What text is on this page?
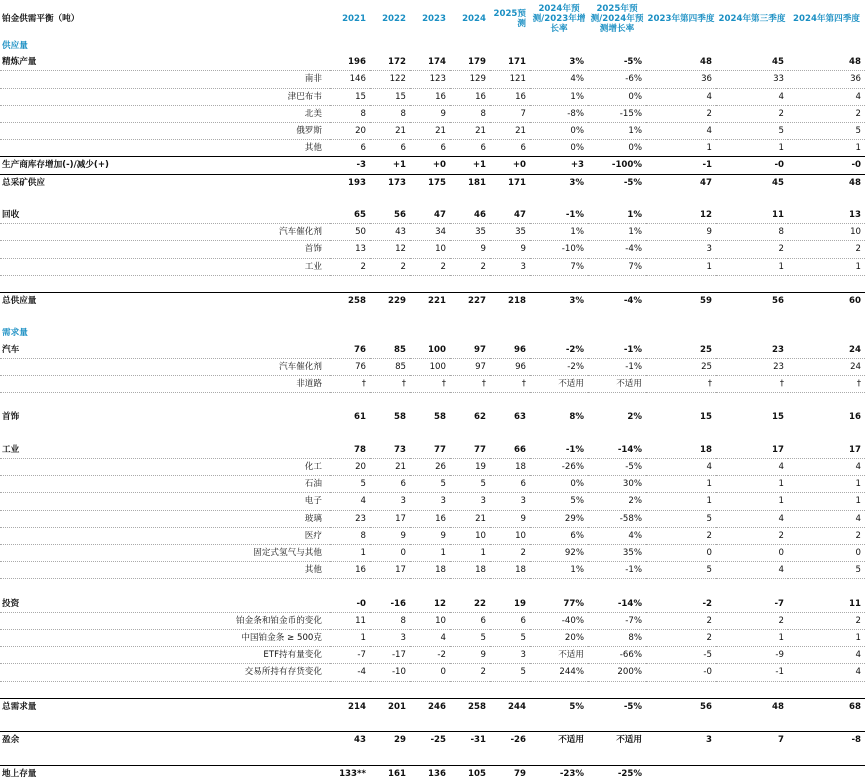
铂金供需平衡（吨）	2021	2022	2023	2024	2025预测	2024年预测/2023年增长率	2025年预测/2024年预测增长率	2023年第四季度	2024年第三季度	2024年第四季度
供应量										
精炼产量	196	172	174	179	171	3%	-5%	48	45	48
南非	146	122	123	129	121	4%	-6%	36	33	36
津巴布韦	15	15	16	16	16	1%	0%	4	4	4
北美	8	8	9	8	7	-8%	-15%	2	2	2
俄罗斯	20	21	21	21	21	0%	1%	4	5	5
其他	6	6	6	6	6	0%	0%	1	1	1
生产商库存增加(-)/减少(+)	-3	+1	+0	+1	+0	+3	-100%	-1	-0	-0
总采矿供应	193	173	175	181	171	3%	-5%	47	45	48

回收	65	56	47	46	47	-1%	1%	12	11	13
汽车催化剂	50	43	34	35	35	1%	1%	9	8	10
首饰	13	12	10	9	9	-10%	-4%	3	2	2
工业	2	2	2	2	3	7%	7%	1	1	1

总供应量	258	229	221	227	218	3%	-4%	59	56	60

需求量										
汽车	76	85	100	97	96	-2%	-1%	25	23	24
汽车催化剂	76	85	100	97	96	-2%	-1%	25	23	24
非道路	†	†	†	†	†	不适用	不适用	†	†	†

首饰	61	58	58	62	63	8%	2%	15	15	16

工业	78	73	77	77	66	-1%	-14%	18	17	17
化工	20	21	26	19	18	-26%	-5%	4	4	4
石油	5	6	5	5	6	0%	30%	1	1	1
电子	4	3	3	3	3	5%	2%	1	1	1
玻璃	23	17	16	21	9	29%	-58%	5	4	4
医疗	8	9	9	10	10	6%	4%	2	2	2
固定式氢气与其他	1	0	1	1	2	92%	35%	0	0	0
其他	16	17	18	18	18	1%	-1%	5	4	5

投资	-0	-16	12	22	19	77%	-14%	-2	-7	11
铂金条和铂金币的变化	11	8	10	6	6	-40%	-7%	2	2	2
中国铂金条 ≥ 500克	1	3	4	5	5	20%	8%	2	1	1
ETF持有量变化	-7	-17	-2	9	3	不适用	-66%	-5	-9	4
交易所持有存货变化	-4	-10	0	2	5	244%	200%	-0	-1	4

总需求量	214	201	246	258	244	5%	-5%	56	48	68

盈余	43	29	-25	-31	-26	不适用	不适用	3	7	-8

地上存量	133**	161	136	105	79	-23%	-25%			
